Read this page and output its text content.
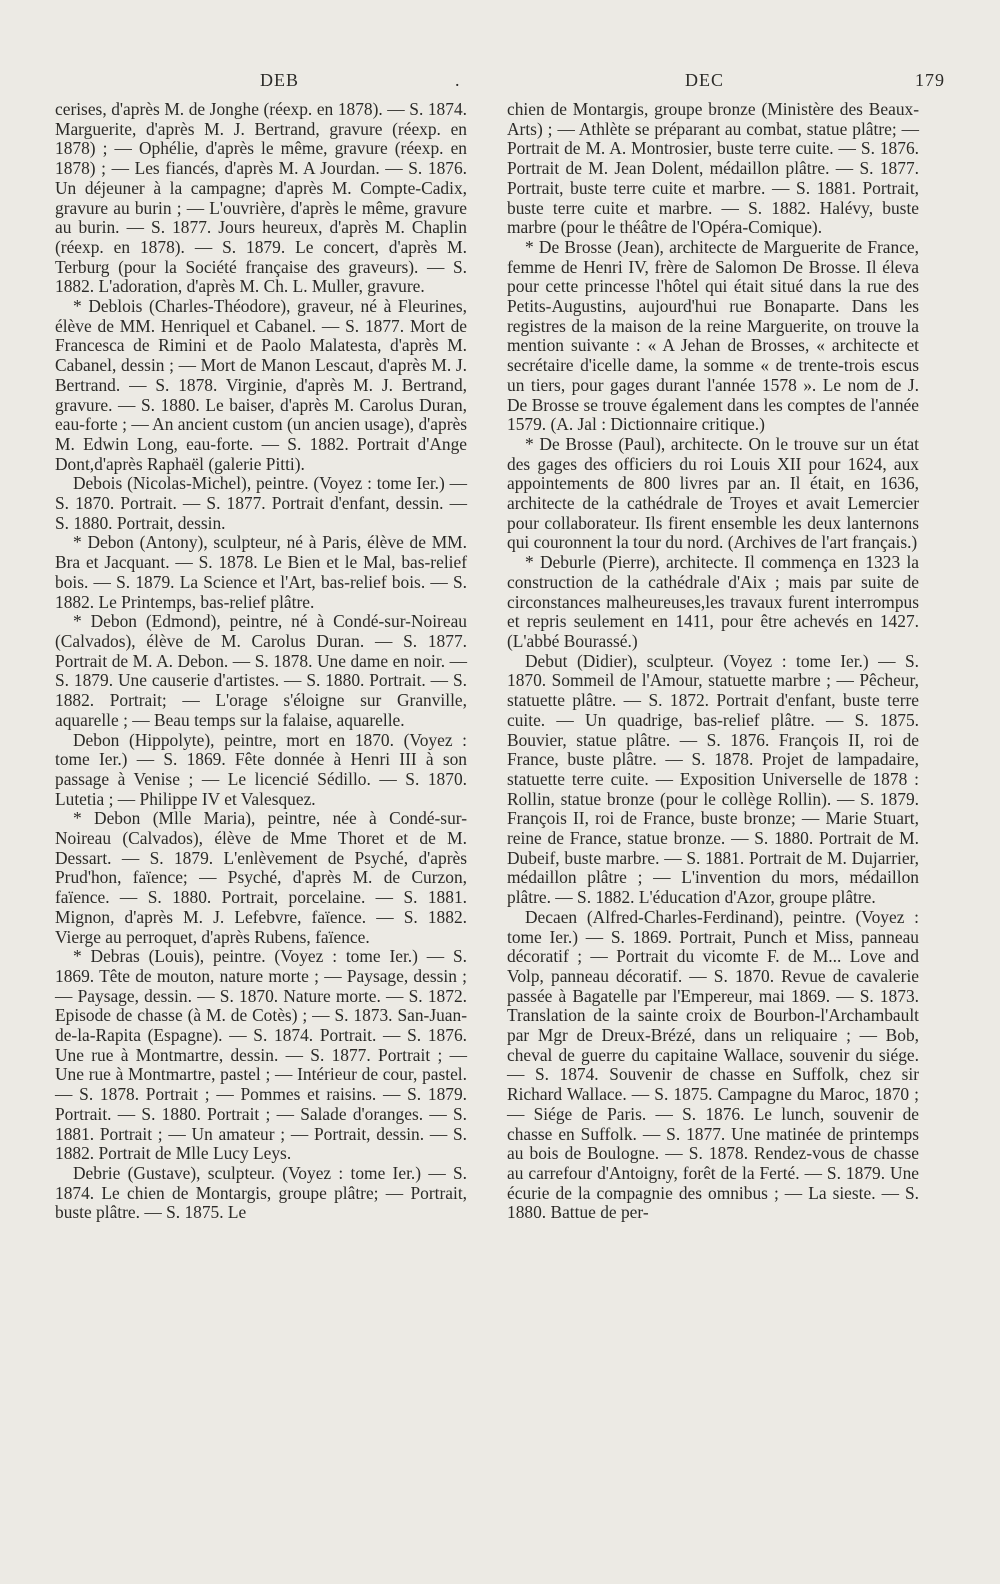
DEB	.	DEC	179

cerises, d'après M. de Jonghe (réexp. en 1878). — S. 1874. Marguerite, d'après M. J. Bertrand, gravure (réexp. en 1878) ; — Ophélie, d'après le même, gravure (réexp. en 1878) ; — Les fiancés, d'après M. A Jourdan. — S. 1876. Un déjeuner à la campagne; d'après M. Compte-Cadix, gravure au burin ; — L'ouvrière, d'après le même, gravure au burin. — S. 1877. Jours heureux, d'après M. Chaplin (réexp. en 1878). — S. 1879. Le concert, d'après M. Terburg (pour la Société française des graveurs). — S. 1882. L'adoration, d'après M. Ch. L. Muller, gravure.

* Deblois (Charles-Théodore), graveur, né à Fleurines, élève de MM. Henriquel et Cabanel. — S. 1877. Mort de Francesca de Rimini et de Paolo Malatesta, d'après M. Cabanel, dessin ; — Mort de Manon Lescaut, d'après M. J. Bertrand. — S. 1878. Virginie, d'après M. J. Bertrand, gravure. — S. 1880. Le baiser, d'après M. Carolus Duran, eau-forte ; — An ancient custom (un ancien usage), d'après M. Edwin Long, eau-forte. — S. 1882. Portrait d'Ange Dont,d'après Raphaël (galerie Pitti).

Debois (Nicolas-Michel), peintre. (Voyez : tome Ier.) — S. 1870. Portrait. — S. 1877. Portrait d'enfant, dessin. — S. 1880. Portrait, dessin.

* Debon (Antony), sculpteur, né à Paris, élève de MM. Bra et Jacquant. — S. 1878. Le Bien et le Mal, bas-relief bois. — S. 1879. La Science et l'Art, bas-relief bois. — S. 1882. Le Printemps, bas-relief plâtre.

* Debon (Edmond), peintre, né à Condé-sur-Noireau (Calvados), élève de M. Carolus Duran. — S. 1877. Portrait de M. A. Debon. — S. 1878. Une dame en noir. — S. 1879. Une causerie d'artistes. — S. 1880. Portrait. — S. 1882. Portrait; — L'orage s'éloigne sur Granville, aquarelle ; — Beau temps sur la falaise, aquarelle.

Debon (Hippolyte), peintre, mort en 1870. (Voyez : tome Ier.) — S. 1869. Fête donnée à Henri III à son passage à Venise ; — Le licencié Sédillo. — S. 1870. Lutetia ; — Philippe IV et Valesquez.

* Debon (Mlle Maria), peintre, née à Condé-sur-Noireau (Calvados), élève de Mme Thoret et de M. Dessart. — S. 1879. L'enlèvement de Psyché, d'après Prud'hon, faïence; — Psyché, d'après M. de Curzon, faïence. — S. 1880. Portrait, porcelaine. — S. 1881. Mignon, d'après M. J. Lefebvre, faïence. — S. 1882. Vierge au perroquet, d'après Rubens, faïence.

* Debras (Louis), peintre. (Voyez : tome Ier.) — S. 1869. Tête de mouton, nature morte ; — Paysage, dessin ; — Paysage, dessin. — S. 1870. Nature morte. — S. 1872. Episode de chasse (à M. de Cotès) ; — S. 1873. San-Juan-de-la-Rapita (Espagne). — S. 1874. Portrait. — S. 1876. Une rue à Montmartre, dessin. — S. 1877. Portrait ; — Une rue à Montmartre, pastel ; — Intérieur de cour, pastel. — S. 1878. Portrait ; — Pommes et raisins. — S. 1879. Portrait. — S. 1880. Portrait ; — Salade d'oranges. — S. 1881. Portrait ; — Un amateur ; — Portrait, dessin. — S. 1882. Portrait de Mlle Lucy Leys.

Debrie (Gustave), sculpteur. (Voyez : tome Ier.) — S. 1874. Le chien de Montargis, groupe plâtre; — Portrait, buste plâtre. — S. 1875. Le

chien de Montargis, groupe bronze (Ministère des Beaux-Arts) ; — Athlète se préparant au combat, statue plâtre; — Portrait de M. A. Montrosier, buste terre cuite. — S. 1876. Portrait de M. Jean Dolent, médaillon plâtre. — S. 1877. Portrait, buste terre cuite et marbre. — S. 1881. Portrait, buste terre cuite et marbre. — S. 1882. Halévy, buste marbre (pour le théâtre de l'Opéra-Comique).

* De Brosse (Jean), architecte de Marguerite de France, femme de Henri IV, frère de Salomon De Brosse. Il éleva pour cette princesse l'hôtel qui était situé dans la rue des Petits-Augustins, aujourd'hui rue Bonaparte. Dans les registres de la maison de la reine Marguerite, on trouve la mention suivante : « A Jehan de Brosses, « architecte et secrétaire d'icelle dame, la somme « de trente-trois escus un tiers, pour gages durant l'année 1578 ». Le nom de J. De Brosse se trouve également dans les comptes de l'année 1579. (A. Jal : Dictionnaire critique.)

* De Brosse (Paul), architecte. On le trouve sur un état des gages des officiers du roi Louis XII pour 1624, aux appointements de 800 livres par an. Il était, en 1636, architecte de la cathédrale de Troyes et avait Lemercier pour collaborateur. Ils firent ensemble les deux lanternons qui couronnent la tour du nord. (Archives de l'art français.)

* Deburle (Pierre), architecte. Il commença en 1323 la construction de la cathédrale d'Aix ; mais par suite de circonstances malheureuses,les travaux furent interrompus et repris seulement en 1411, pour être achevés en 1427. (L'abbé Bourassé.)

Debut (Didier), sculpteur. (Voyez : tome Ier.) — S. 1870. Sommeil de l'Amour, statuette marbre ; — Pêcheur, statuette plâtre. — S. 1872. Portrait d'enfant, buste terre cuite. — Un quadrige, bas-relief plâtre. — S. 1875. Bouvier, statue plâtre. — S. 1876. François II, roi de France, buste plâtre. — S. 1878. Projet de lampadaire, statuette terre cuite. — Exposition Universelle de 1878 : Rollin, statue bronze (pour le collège Rollin). — S. 1879. François II, roi de France, buste bronze; — Marie Stuart, reine de France, statue bronze. — S. 1880. Portrait de M. Dubeif, buste marbre. — S. 1881. Portrait de M. Dujarrier, médaillon plâtre ; — L'invention du mors, médaillon plâtre. — S. 1882. L'éducation d'Azor, groupe plâtre.

Decaen (Alfred-Charles-Ferdinand), peintre. (Voyez : tome Ier.) — S. 1869. Portrait, Punch et Miss, panneau décoratif ; — Portrait du vicomte F. de M... Love and Volp, panneau décoratif. — S. 1870. Revue de cavalerie passée à Bagatelle par l'Empereur, mai 1869. — S. 1873. Translation de la sainte croix de Bourbon-l'Archambault par Mgr de Dreux-Brézé, dans un reliquaire ; — Bob, cheval de guerre du capitaine Wallace, souvenir du siége. — S. 1874. Souvenir de chasse en Suffolk, chez sir Richard Wallace. — S. 1875. Campagne du Maroc, 1870 ; — Siége de Paris. — S. 1876. Le lunch, souvenir de chasse en Suffolk. — S. 1877. Une matinée de printemps au bois de Boulogne. — S. 1878. Rendez-vous de chasse au carrefour d'Antoigny, forêt de la Ferté. — S. 1879. Une écurie de la compagnie des omnibus ; — La sieste. — S. 1880. Battue de per-
